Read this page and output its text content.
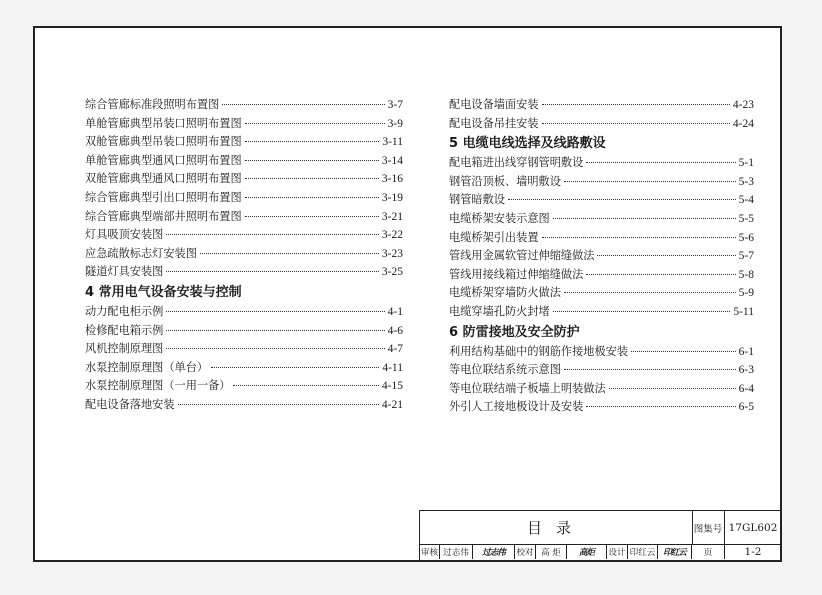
综合管廊标准段照明布置图	3-7
单舱管廊典型吊装口照明布置图	3-9
双舱管廊典型吊装口照明布置图	3-11
单舱管廊典型通风口照明布置图	3-14
双舱管廊典型通风口照明布置图	3-16
综合管廊典型引出口照明布置图	3-19
综合管廊典型端部井照明布置图	3-21
灯具吸顶安装图	3-22
应急疏散标志灯安装图	3-23
隧道灯具安装图	3-25
4 常用电气设备安装与控制
动力配电柜示例	4-1
检修配电箱示例	4-6
风机控制原理图	4-7
水泵控制原理图（单台）	4-11
水泵控制原理图（一用一备）	4-15
配电设备落地安装	4-21
配电设备墙面安装	4-23
配电设备吊挂安装	4-24
5 电缆电线选择及线路敷设
配电箱进出线穿钢管明敷设	5-1
钢管沿顶板、墙明敷设	5-3
钢管暗敷设	5-4
电缆桥架安装示意图	5-5
电缆桥架引出装置	5-6
管线用金属软管过伸缩缝做法	5-7
管线用接线箱过伸缩缝做法	5-8
电缆桥架穿墙防火做法	5-9
电缆穿墙孔防火封堵	5-11
6 防雷接地及安全防护
利用结构基础中的钢筋作接地极安装	6-1
等电位联结系统示意图	6-3
等电位联结端子板墙上明装做法	6-4
外引人工接地极设计及安装	6-5
目录	图集号 17GL602
审核 过志伟	过志伟	校对 高 炬	高炬	设计 印红云 印红云	页	1-2
